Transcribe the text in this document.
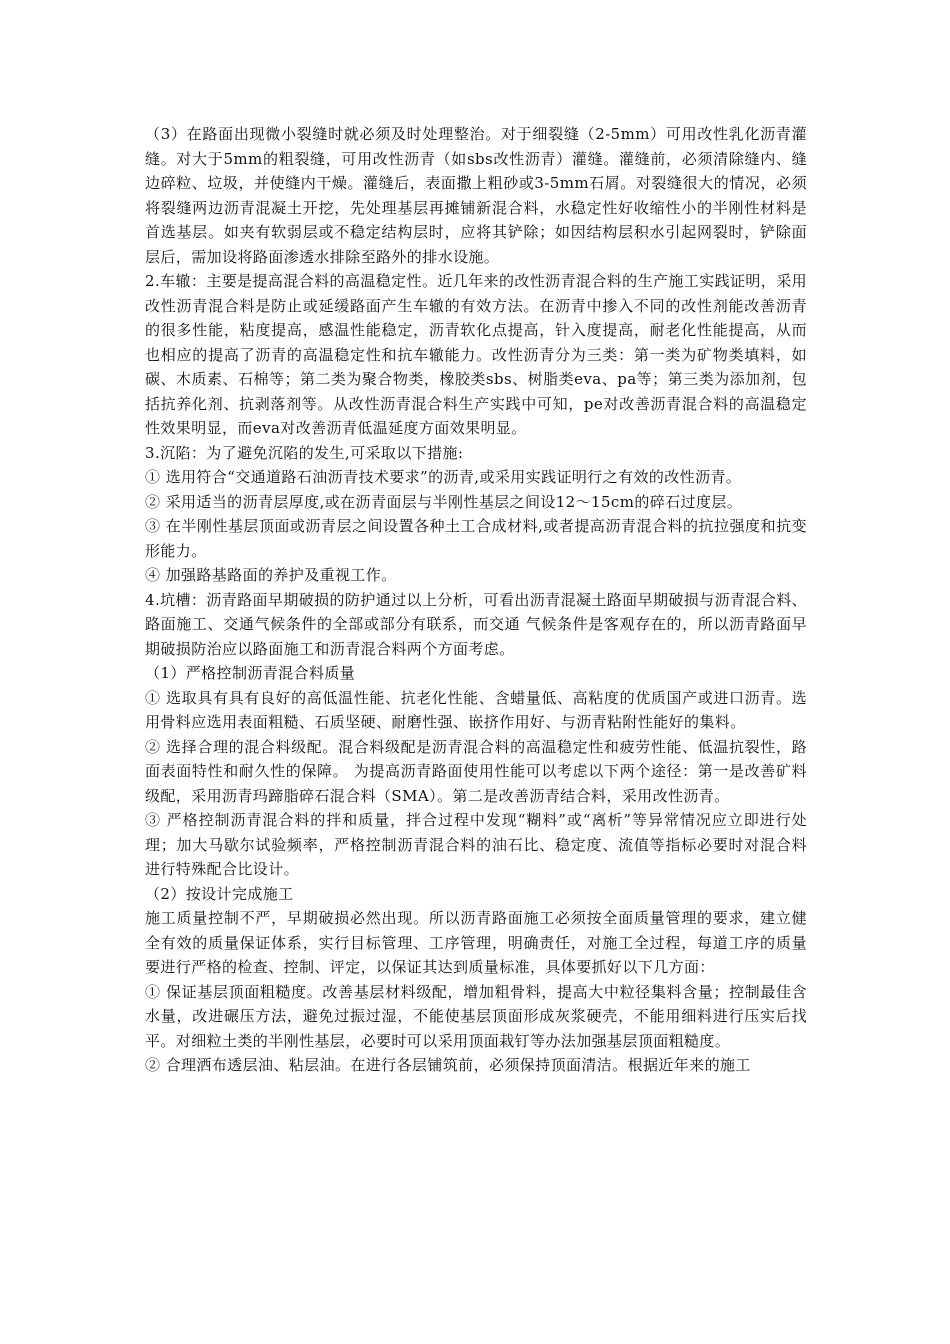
（3）在路面出现微小裂缝时就必须及时处理整治。对于细裂缝（2-5mm）可用改性乳化沥青灌缝。对大于5mm的粗裂缝，可用改性沥青（如sbs改性沥青）灌缝。灌缝前，必须清除缝内、缝边碎粒、垃圾，并使缝内干燥。灌缝后，表面撒上粗砂或3-5mm石屑。对裂缝很大的情况，必须将裂缝两边沥青混凝土开挖，先处理基层再摊铺新混合料，水稳定性好收缩性小的半刚性材料是首选基层。如夹有软弱层或不稳定结构层时，应将其铲除；如因结构层积水引起网裂时，铲除面层后，需加设将路面渗透水排除至路外的排水设施。

2.车辙：主要是提高混合料的高温稳定性。近几年来的改性沥青混合料的生产施工实践证明，采用改性沥青混合料是防止或延缓路面产生车辙的有效方法。在沥青中掺入不同的改性剂能改善沥青的很多性能，粘度提高，感温性能稳定，沥青软化点提高，针入度提高，耐老化性能提高，从而也相应的提高了沥青的高温稳定性和抗车辙能力。改性沥青分为三类：第一类为矿物类填料，如碳、木质素、石棉等；第二类为聚合物类，橡胶类sbs、树脂类eva、pa等；第三类为添加剂，包括抗养化剂、抗剥落剂等。从改性沥青混合料生产实践中可知，pe对改善沥青混合料的高温稳定性效果明显，而eva对改善沥青低温延度方面效果明显。

3.沉陷：为了避免沉陷的发生,可采取以下措施:

① 选用符合“交通道路石油沥青技术要求”的沥青,或采用实践证明行之有效的改性沥青。

② 采用适当的沥青层厚度,或在沥青面层与半刚性基层之间设12～15cm的碎石过度层。

③ 在半刚性基层顶面或沥青层之间设置各种土工合成材料,或者提高沥青混合料的抗拉强度和抗变形能力。

④ 加强路基路面的养护及重视工作。

4.坑槽：沥青路面早期破损的防护通过以上分析，可看出沥青混凝土路面早期破损与沥青混合料、路面施工、交通气候条件的全部或部分有联系，而交通 气候条件是客观存在的，所以沥青路面早期破损防治应以路面施工和沥青混合料两个方面考虑。

（1）严格控制沥青混合料质量

① 选取具有具有良好的高低温性能、抗老化性能、含蜡量低、高粘度的优质国产或进口沥青。选用骨料应选用表面粗糙、石质坚硬、耐磨性强、嵌挤作用好、与沥青粘附性能好的集料。

② 选择合理的混合料级配。混合料级配是沥青混合料的高温稳定性和疲劳性能、低温抗裂性，路面表面特性和耐久性的保障。 为提高沥青路面使用性能可以考虑以下两个途径：第一是改善矿料级配，采用沥青玛蹄脂碎石混合料（SMA）。第二是改善沥青结合料，采用改性沥青。

③ 严格控制沥青混合料的拌和质量，拌合过程中发现“糊料”或“离析”等异常情况应立即进行处理；加大马歇尔试验频率，严格控制沥青混合料的油石比、稳定度、流值等指标必要时对混合料进行特殊配合比设计。

（2）按设计完成施工

施工质量控制不严，早期破损必然出现。所以沥青路面施工必须按全面质量管理的要求，建立健全有效的质量保证体系，实行目标管理、工序管理，明确责任，对施工全过程，每道工序的质量要进行严格的检查、控制、评定，以保证其达到质量标准，具体要抓好以下几方面：

① 保证基层顶面粗糙度。改善基层材料级配，增加粗骨料，提高大中粒径集料含量；控制最佳含水量，改进碾压方法，避免过振过湿，不能使基层顶面形成灰浆硬壳，不能用细料进行压实后找平。对细粒土类的半刚性基层，必要时可以采用顶面栽钉等办法加强基层顶面粗糙度。

② 合理洒布透层油、粘层油。在进行各层铺筑前，必须保持顶面清洁。根据近年来的施工
